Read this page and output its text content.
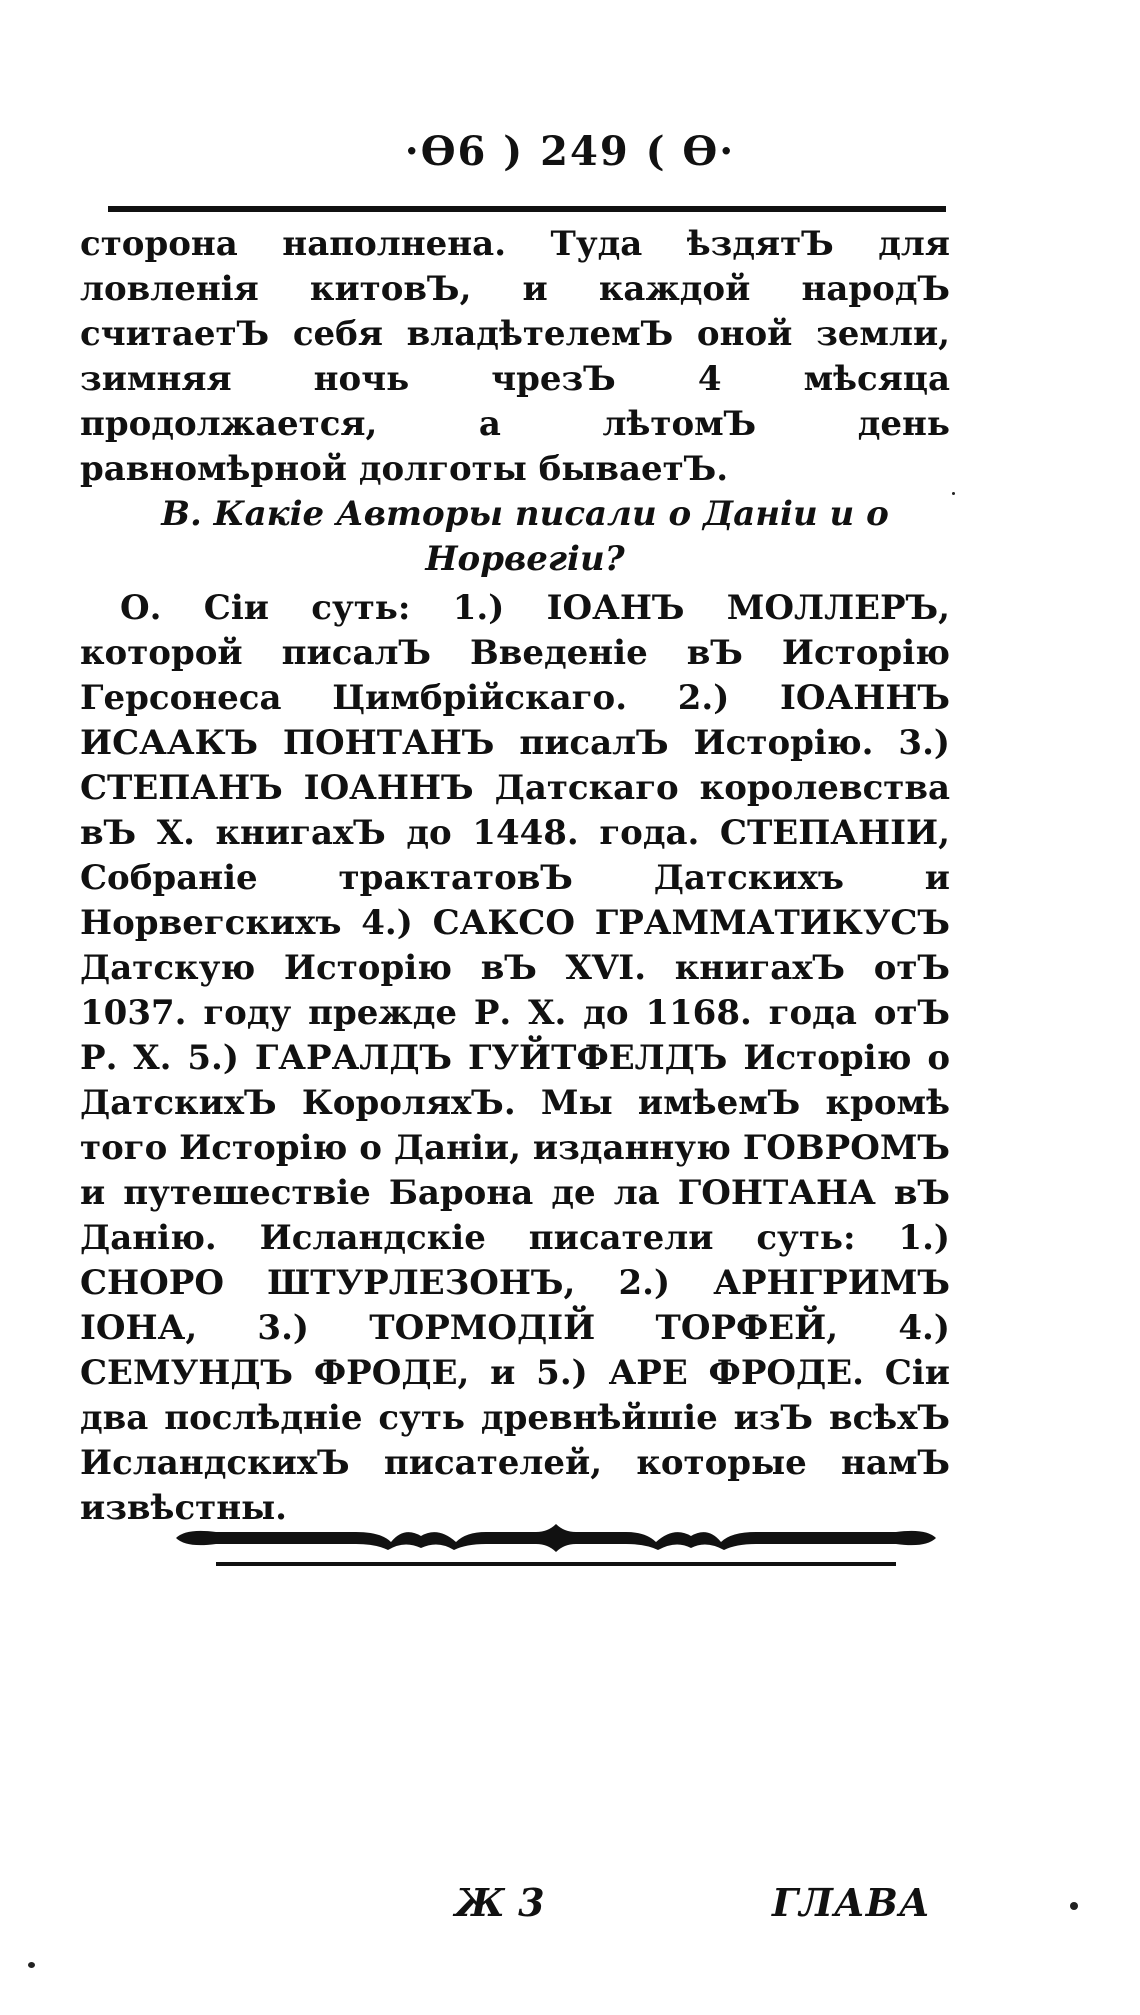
·Ѳ6 ) 249 ( Ѳ·

сторона наполнена. Туда ѣздятЪ для ловленія китовЪ, и каждой народЪ считаетЪ себя владѣтелемЪ оной земли, зимняя ночь чрезЪ 4 мѣсяца продолжается, а лѣтомЪ день равномѣрной долготы бываетЪ.

В. Какіе Авторы писали о Даніи и о Норвегіи?

О. Сіи суть: 1.) ІОАНЪ МОЛЛЕРЪ, которой писалЪ Введеніе вЪ Исторію Герсонеса Цимбрійскаго. 2.) ІОАННЪ ИСААКЪ ПОНТАНЪ писалЪ Исторію. 3.) СТЕПАНЪ ІОАННЪ Датскаго королевства вЪ X. книгахЪ до 1448. года. СТЕПАНІИ, Собраніе трактатовЪ Датскихъ и Норвегскихъ 4.) САКСО ГРАММАТИКУСЪ Датскую Исторію вЪ XVI. книгахЪ отЪ 1037. году прежде Р. Х. до 1168. года отЪ Р. Х. 5.) ГАРАЛДЪ ГУЙТФЕЛДЪ Исторію о ДатскихЪ КороляхЪ. Мы имѣемЪ кромѣ того Исторію о Даніи, изданную ГОВРОМЪ и путешествіе Барона де ла ГОНТАНА вЪ Данію. Исландскіе писатели суть: 1.) СНОРО ШТУРЛЕЗОНЪ, 2.) АРНГРИМЪ ІОНА, 3.) ТОРМОДІЙ ТОРФЕЙ, 4.) СЕМУНДЪ ФРОДЕ, и 5.) АРЕ ФРОДЕ. Сіи два послѣдніе суть древнѣйшіе изЪ всѣхЪ ИсландскихЪ писателей, которые намЪ извѣстны.

Ж 3	ГЛАВА
